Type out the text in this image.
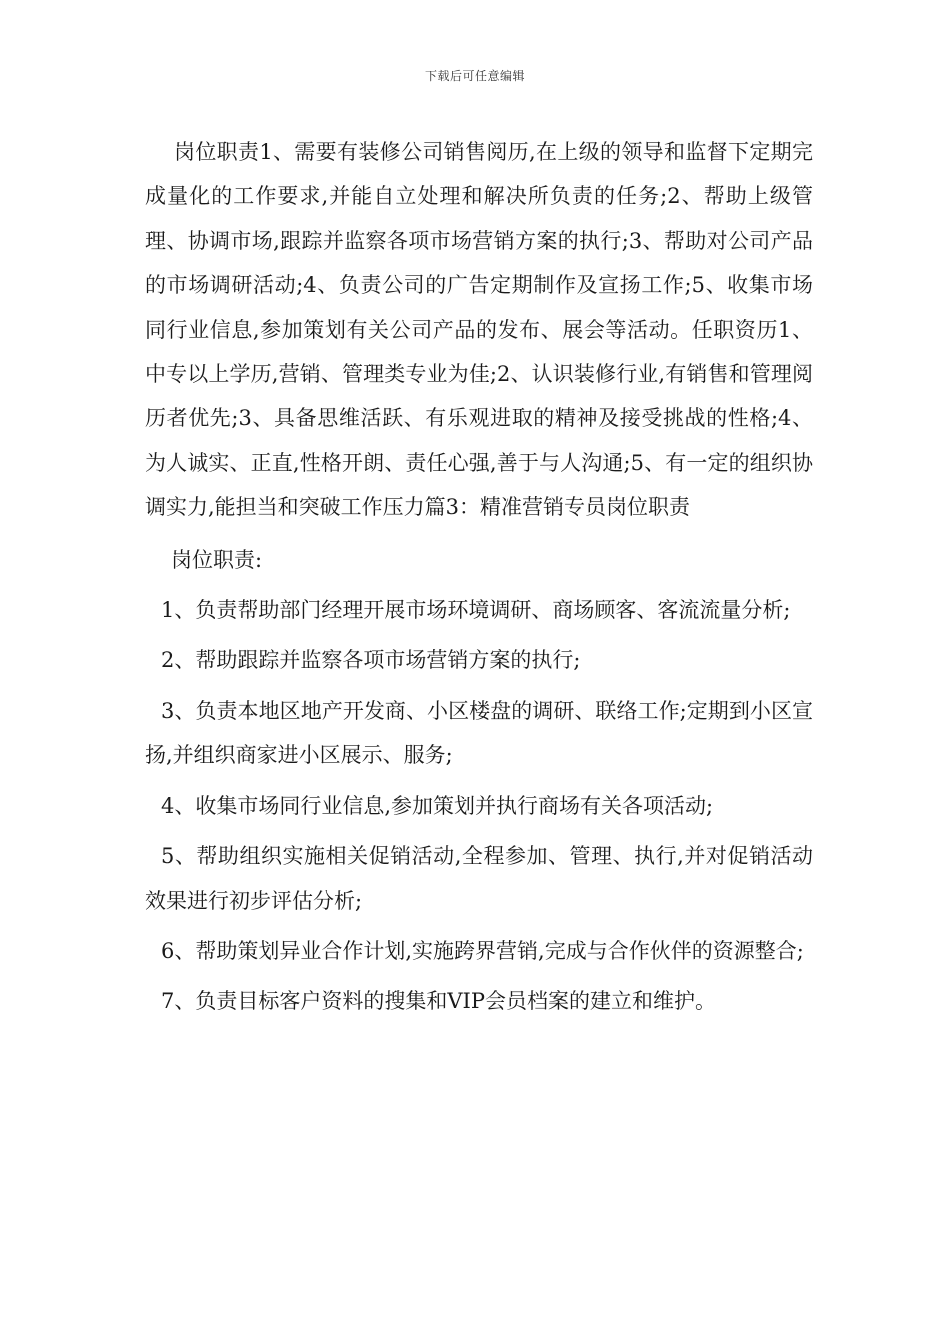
下载后可任意编辑

岗位职责1、需要有装修公司销售阅历,在上级的领导和监督下定期完成量化的工作要求,并能自立处理和解决所负责的任务;2、帮助上级管理、协调市场,跟踪并监察各项市场营销方案的执行;3、帮助对公司产品的市场调研活动;4、负责公司的广告定期制作及宣扬工作;5、收集市场同行业信息,参加策划有关公司产品的发布、展会等活动。任职资历1、中专以上学历,营销、管理类专业为佳;2、认识装修行业,有销售和管理阅历者优先;3、具备思维活跃、有乐观进取的精神及接受挑战的性格;4、为人诚实、正直,性格开朗、责任心强,善于与人沟通;5、有一定的组织协调实力,能担当和突破工作压力篇3：精准营销专员岗位职责

岗位职责:

1、负责帮助部门经理开展市场环境调研、商场顾客、客流流量分析;

2、帮助跟踪并监察各项市场营销方案的执行;

3、负责本地区地产开发商、小区楼盘的调研、联络工作;定期到小区宣扬,并组织商家进小区展示、服务;

4、收集市场同行业信息,参加策划并执行商场有关各项活动;

5、帮助组织实施相关促销活动,全程参加、管理、执行,并对促销活动效果进行初步评估分析;

6、帮助策划异业合作计划,实施跨界营销,完成与合作伙伴的资源整合;

7、负责目标客户资料的搜集和VIP会员档案的建立和维护。
